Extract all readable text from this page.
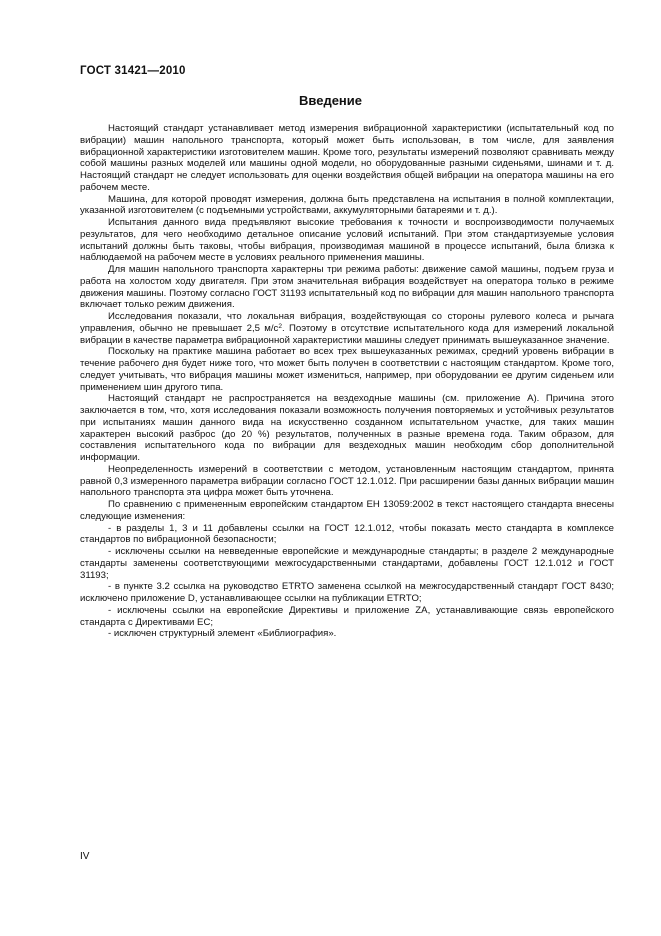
ГОСТ 31421—2010
Введение

Настоящий стандарт устанавливает метод измерения вибрационной характеристики (испытательный код по вибрации) машин напольного транспорта, который может быть использован, в том числе, для заявления вибрационной характеристики изготовителем машин. Кроме того, результаты измерений позволяют сравнивать между собой машины разных моделей или машины одной модели, но оборудованные разными сиденьями, шинами и т. д. Настоящий стандарт не следует использовать для оценки воздействия общей вибрации на оператора машины на его рабочем месте.

Машина, для которой проводят измерения, должна быть представлена на испытания в полной комплектации, указанной изготовителем (с подъемными устройствами, аккумуляторными батареями и т. д.).

Испытания данного вида предъявляют высокие требования к точности и воспроизводимости получаемых результатов, для чего необходимо детальное описание условий испытаний. При этом стандартизуемые условия испытаний должны быть таковы, чтобы вибрация, производимая машиной в процессе испытаний, была близка к наблюдаемой на рабочем месте в условиях реального применения машины.

Для машин напольного транспорта характерны три режима работы: движение самой машины, подъем груза и работа на холостом ходу двигателя. При этом значительная вибрация воздействует на оператора только в режиме движения машины. Поэтому согласно ГОСТ 31193 испытательный код по вибрации для машин напольного транспорта включает только режим движения.

Исследования показали, что локальная вибрация, воздействующая со стороны рулевого колеса и рычага управления, обычно не превышает 2,5 $м/с^2$. Поэтому в отсутствие испытательного кода для измерений локальной вибрации в качестве параметра вибрационной характеристики машины следует принимать вышеуказанное значение.

Поскольку на практике машина работает во всех трех вышеуказанных режимах, средний уровень вибрации в течение рабочего дня будет ниже того, что может быть получен в соответствии с настоящим стандартом. Кроме того, следует учитывать, что вибрация машины может измениться, например, при оборудовании ее другим сиденьем или применением шин другого типа.

Настоящий стандарт не распространяется на вездеходные машины (см. приложение А). Причина этого заключается в том, что, хотя исследования показали возможность получения повторяемых и устойчивых результатов при испытаниях машин данного вида на искусственно созданном испытательном участке, для таких машин характерен высокий разброс (до 20 %) результатов, полученных в разные времена года. Таким образом, для составления испытательного кода по вибрации для вездеходных машин необходим сбор дополнительной информации.

Неопределенность измерений в соответствии с методом, установленным настоящим стандартом, принята равной 0,3 измеренного параметра вибрации согласно ГОСТ 12.1.012. При расширении базы данных вибрации машин напольного транспорта эта цифра может быть уточнена.

По сравнению с примененным европейским стандартом ЕН 13059:2002 в текст настоящего стандарта внесены следующие изменения:

- в разделы 1, 3 и 11 добавлены ссылки на ГОСТ 12.1.012, чтобы показать место стандарта в комплексе стандартов по вибрационной безопасности;

- исключены ссылки на невведенные европейские и международные стандарты; в разделе 2 международные стандарты заменены соответствующими межгосударственными стандартами, добавлены ГОСТ 12.1.012 и ГОСТ 31193;

- в пункте 3.2 ссылка на руководство ETRTO заменена ссылкой на межгосударственный стандарт ГОСТ 8430; исключено приложение D, устанавливающее ссылки на публикации ETRTO;

- исключены ссылки на европейские Директивы и приложение ZA, устанавливающие связь европейского стандарта с Директивами ЕС;

- исключен структурный элемент «Библиография».

IV
